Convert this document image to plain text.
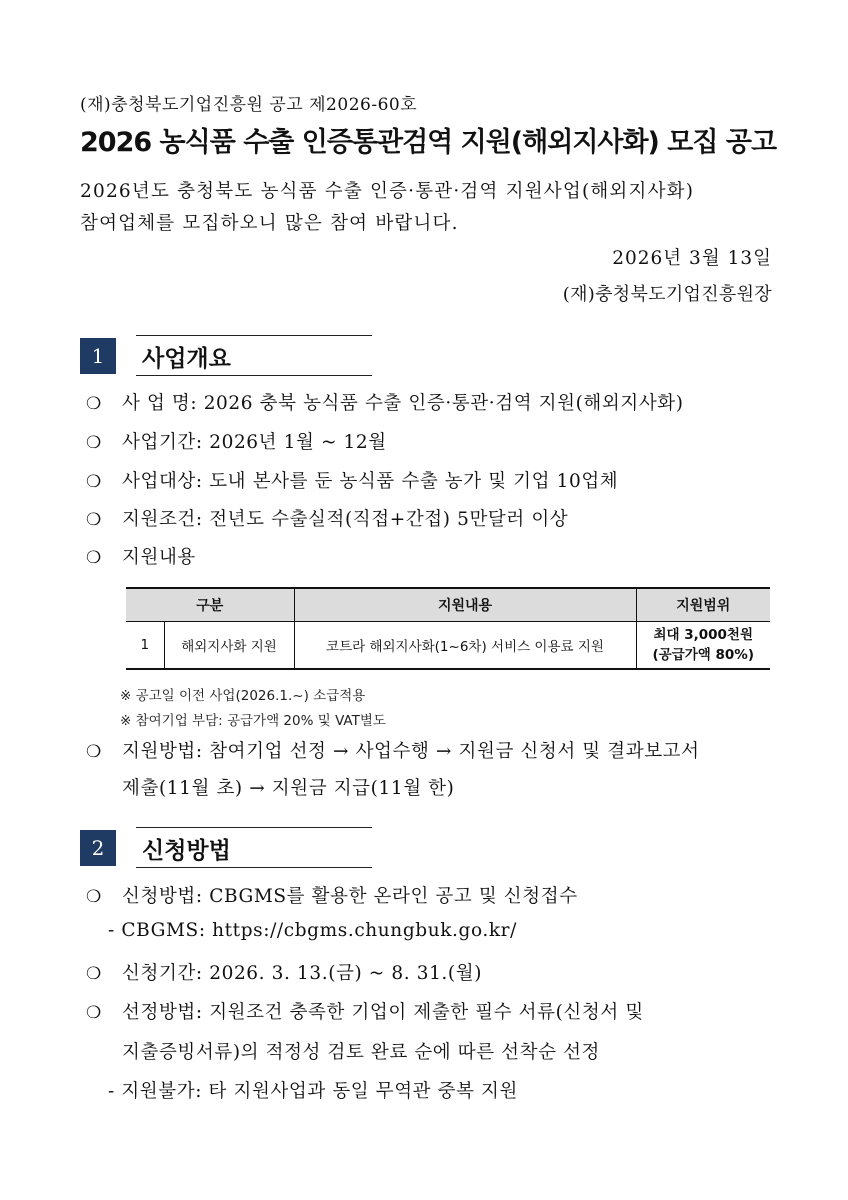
(재)충청북도기업진흥원 공고 제2026-60호
2026 농식품 수출 인증통관검역 지원(해외지사화) 모집 공고
2026년도 충청북도 농식품 수출 인증·통관·검역 지원사업(해외지사화)
참여업체를 모집하오니 많은 참여 바랍니다.
2026년 3월 13일
(재)충청북도기업진흥원장
1	사업개요
❍ 사 업 명: 2026 충북 농식품 수출 인증·통관·검역 지원(해외지사화)
❍ 사업기간: 2026년 1월 ~ 12월
❍ 사업대상: 도내 본사를 둔 농식품 수출 농가 및 기업 10업체
❍ 지원조건: 전년도 수출실적(직접+간접) 5만달러 이상
❍ 지원내용
구분		지원내용	지원범위
1	해외지사화 지원	코트라 해외지사화(1~6차) 서비스 이용료 지원	최대 3,000천원
(공급가액 80%)
※ 공고일 이전 사업(2026.1.~) 소급적용
※ 참여기업 부담: 공급가액 20% 및 VAT별도
❍ 지원방법: 참여기업 선정 → 사업수행 → 지원금 신청서 및 결과보고서
제출(11월 초) → 지원금 지급(11월 한)
2	신청방법
❍ 신청방법: CBGMS를 활용한 온라인 공고 및 신청접수
- CBGMS: https://cbgms.chungbuk.go.kr/
❍ 신청기간: 2026. 3. 13.(금) ~ 8. 31.(월)
❍ 선정방법: 지원조건 충족한 기업이 제출한 필수 서류(신청서 및
지출증빙서류)의 적정성 검토 완료 순에 따른 선착순 선정
- 지원불가: 타 지원사업과 동일 무역관 중복 지원
